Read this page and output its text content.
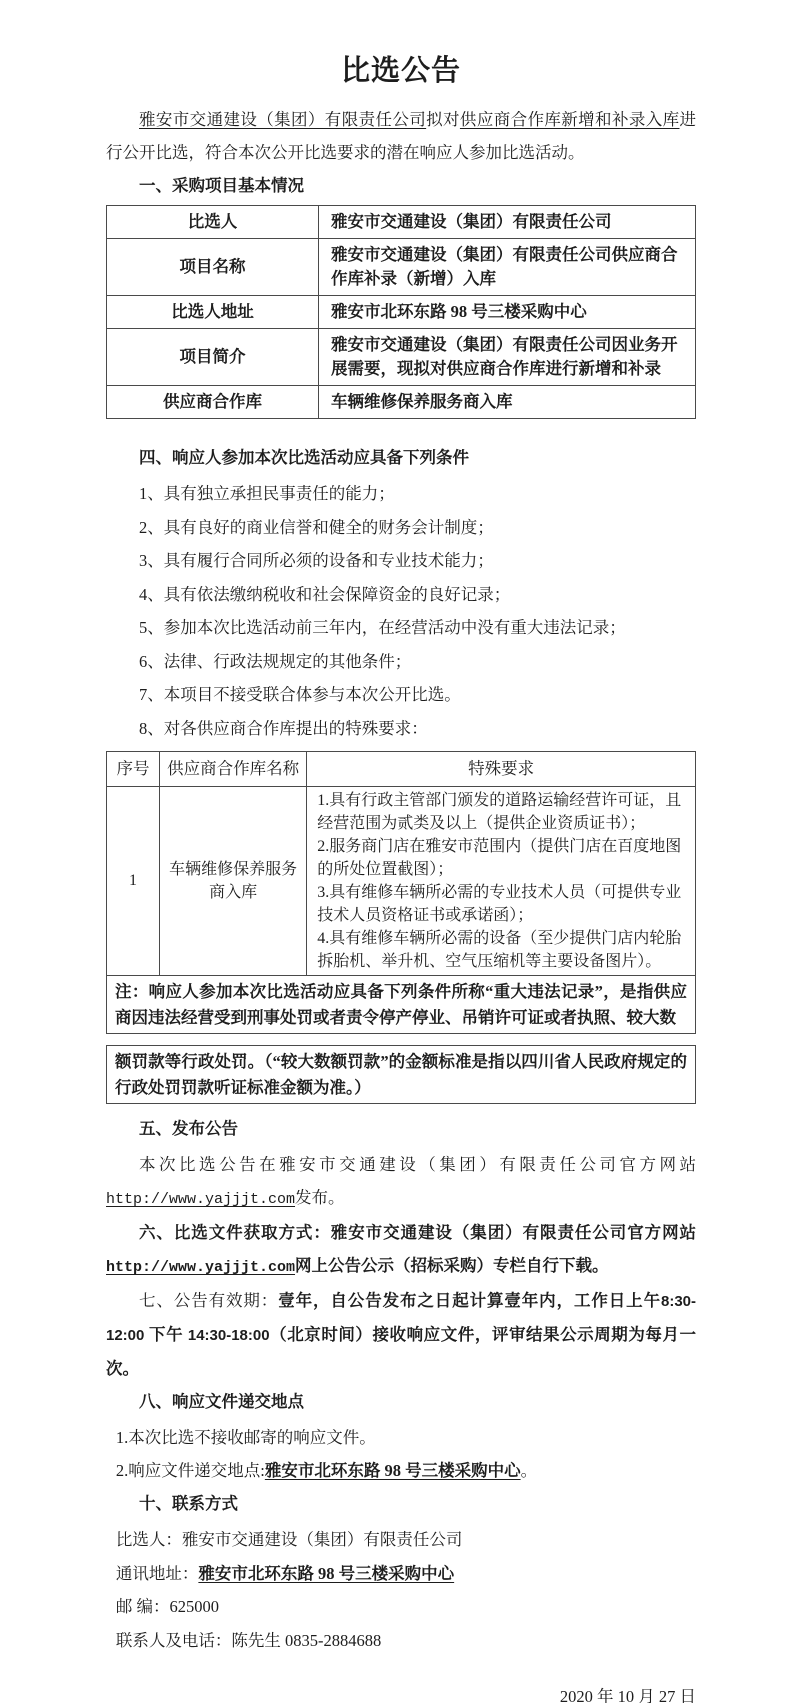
比选公告

雅安市交通建设（集团）有限责任公司拟对供应商合作库新增和补录入库进行公开比选，符合本次公开比选要求的潜在响应人参加比选活动。

一、采购项目基本情况
比选人	雅安市交通建设（集团）有限责任公司
项目名称	雅安市交通建设（集团）有限责任公司供应商合作库补录（新增）入库
比选人地址	雅安市北环东路 98 号三楼采购中心
项目简介	雅安市交通建设（集团）有限责任公司因业务开展需要，现拟对供应商合作库进行新增和补录
供应商合作库	车辆维修保养服务商入库
四、响应人参加本次比选活动应具备下列条件

1、具有独立承担民事责任的能力；

2、具有良好的商业信誉和健全的财务会计制度；

3、具有履行合同所必须的设备和专业技术能力；

4、具有依法缴纳税收和社会保障资金的良好记录；

5、参加本次比选活动前三年内，在经营活动中没有重大违法记录；

6、法律、行政法规规定的其他条件；

7、本项目不接受联合体参与本次公开比选。

8、对各供应商合作库提出的特殊要求：

序号	供应商合作库名称	特殊要求
1	车辆维修保养服务商入库	1.具有行政主管部门颁发的道路运输经营许可证，且经营范围为贰类及以上（提供企业资质证书）；
2.服务商门店在雅安市范围内（提供门店在百度地图的所处位置截图）；
3.具有维修车辆所必需的专业技术人员（可提供专业技术人员资格证书或承诺函）；
4.具有维修车辆所必需的设备（至少提供门店内轮胎拆胎机、举升机、空气压缩机等主要设备图片）。

注：响应人参加本次比选活动应具备下列条件所称“重大违法记录”，是指供应商因违法经营受到刑事处罚或者责令停产停业、吊销许可证或者执照、较大数		
额罚款等行政处罚。（“较大数额罚款”的金额标准是指以四川省人民政府规定的行政处罚罚款听证标准金额为准。）
五、发布公告

本次比选公告在雅安市交通建设（集团）有限责任公司官方网站http://www.yajjjt.com发布。

六、比选文件获取方式：雅安市交通建设（集团）有限责任公司官方网站http://www.yajjjt.com网上公告公示（招标采购）专栏自行下载。

七、公告有效期：壹年，自公告发布之日起计算壹年内，工作日上午8:30-12:00 下午 14:30-18:00（北京时间）接收响应文件，评审结果公示周期为每月一次。

八、响应文件递交地点

1.本次比选不接收邮寄的响应文件。

2.响应文件递交地点:雅安市北环东路 98 号三楼采购中心。

十、联系方式

比选人：雅安市交通建设（集团）有限责任公司

通讯地址：雅安市北环东路 98 号三楼采购中心

邮 编：625000

联系人及电话：陈先生 0835-2884688

2020 年 10 月 27 日
